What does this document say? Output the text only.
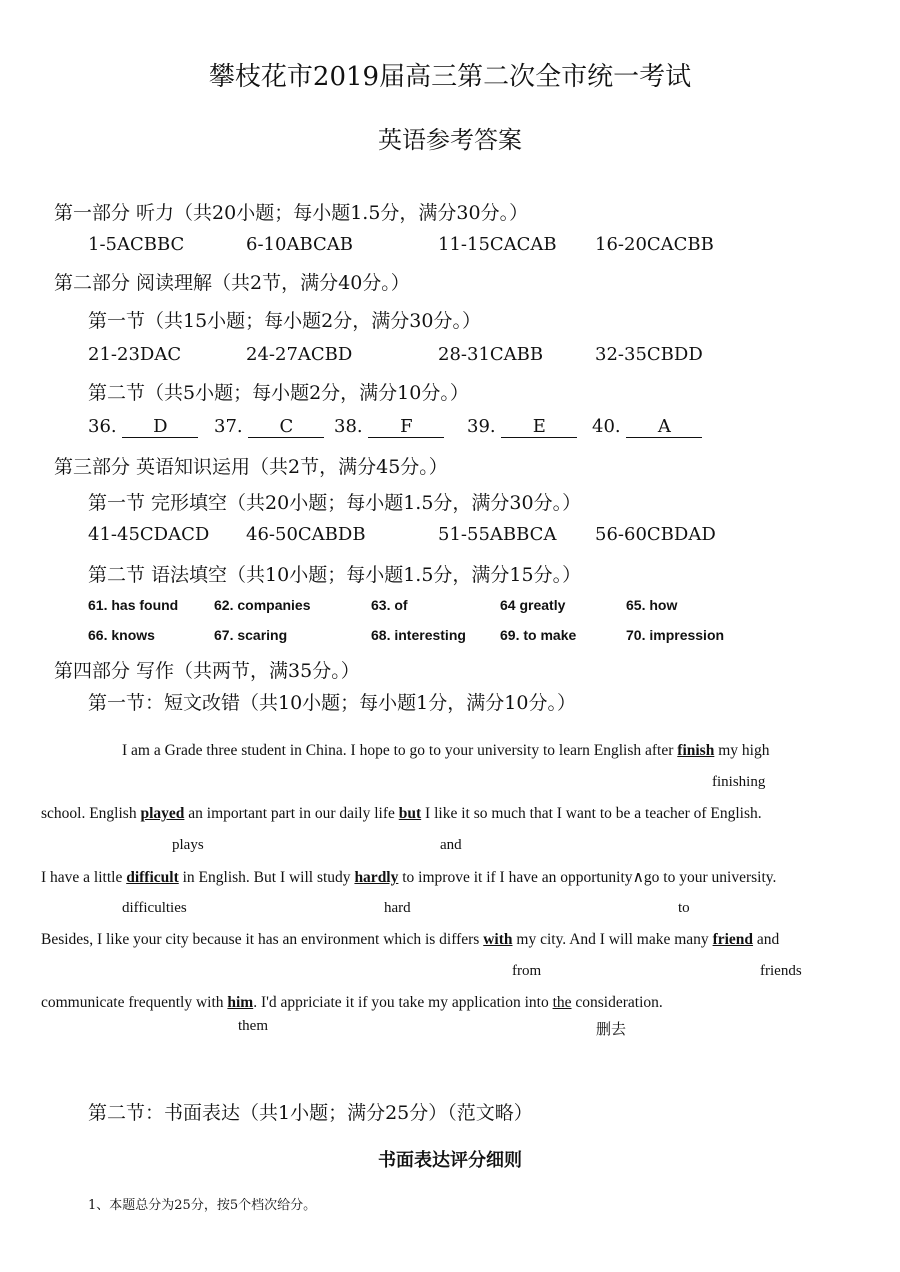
攀枝花市2019届高三第二次全市统一考试
英语参考答案
第一部分 听力（共20小题；每小题1.5分，满分30分。）
1-5ACBBC	6-10ABCAB	11-15CACAB 16-20CACBB
第二部分 阅读理解（共2节，满分40分。）
第一节（共15小题；每小题2分，满分30分。）
21-23DAC	24-27ACBD	28-31CABB	32-35CBDD
第二节（共5小题；每小题2分，满分10分。）
36. D	37. C	38. F	39. E	40. A
第三部分 英语知识运用（共2节，满分45分。）
第一节 完形填空（共20小题；每小题1.5分，满分30分。）
41-45CDACD 46-50CABDB	51-55ABBCA 56-60CBDAD
第二节 语法填空（共10小题；每小题1.5分，满分15分。）
61. has found	62. companies	63. of	64 greatly	65. how
66. knows	67. scaring	68. interesting 69. to make	70. impression
第四部分 写作（共两节，满35分。）
第一节：短文改错（共10小题；每小题1分，满分10分。）
I am a Grade three student in China. I hope to go to your university to learn English after finish my high
finishing
school. English played an important part in our daily life but I like it so much that I want to be a teacher of English.
plays	and
I have a little difficult in English. But I will study hardly to improve it if I have an opportunity∧go to your university.
difficulties	hard	to
Besides, I like your city because it has an environment which is differs with my city. And I will make many friend and
from	friends
communicate frequently with him. I'd appriciate it if you take my application into the consideration.
them	删去
第二节：书面表达（共1小题；满分25分）（范文略）
书面表达评分细则
1、本题总分为25分，按5个档次给分。
